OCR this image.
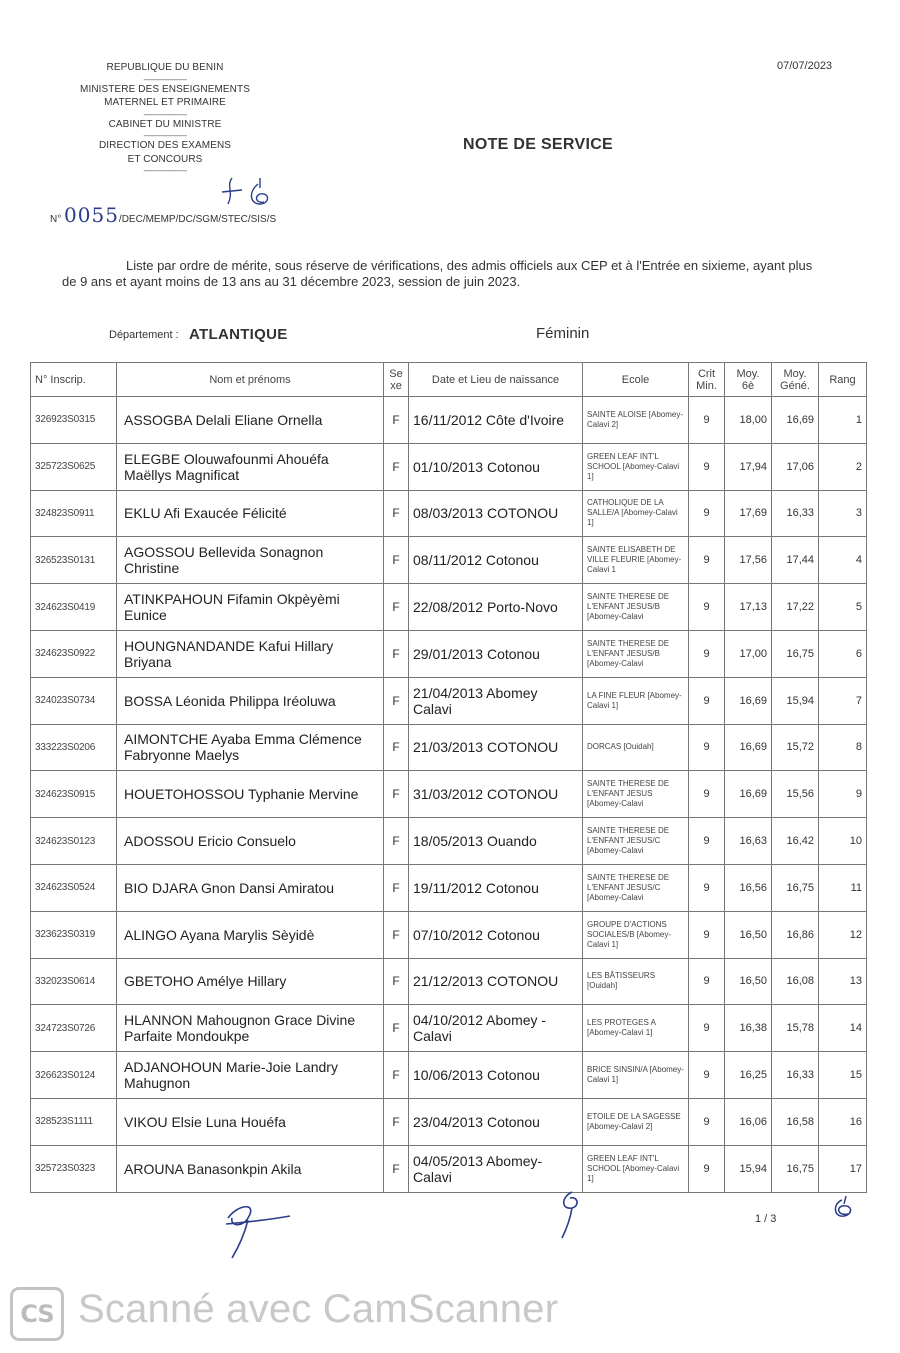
REPUBLIQUE DU BENIN
--------------------
MINISTERE DES ENSEIGNEMENTS
MATERNEL ET PRIMAIRE
--------------------
CABINET DU MINISTRE
--------------------
DIRECTION DES EXAMENS
ET CONCOURS
--------------------
07/07/2023
NOTE DE SERVICE
N° 0055/DEC/MEMP/DC/SGM/STEC/SIS/S
Liste par ordre de mérite, sous réserve de vérifications, des admis officiels aux CEP et à l'Entrée en sixieme, ayant plus de 9 ans et ayant moins de 13 ans au 31 décembre 2023, session de juin 2023.
Département : ATLANTIQUE	Féminin
N° Inscrip.	Nom et prénoms	Se xe	Date et Lieu de naissance	Ecole	Crit Min.	Moy. 6è	Moy. Géné.	Rang
326923S0315	ASSOGBA Delali Eliane Ornella	F	16/11/2012 Côte d'Ivoire	SAINTE ALOISE [Abomey-Calavi 2]	9	18,00	16,69	1
325723S0625	ELEGBE Olouwafounmi Ahouéfa Maëllys Magnificat	F	01/10/2013 Cotonou	GREEN LEAF INT'L SCHOOL [Abomey-Calavi 1]	9	17,94	17,06	2
324823S0911	EKLU Afi Exaucée Félicité	F	08/03/2013 COTONOU	CATHOLIQUE DE LA SALLE/A [Abomey-Calavi 1]	9	17,69	16,33	3
326523S0131	AGOSSOU Bellevida Sonagnon Christine	F	08/11/2012 Cotonou	SAINTE ELISABETH DE VILLE FLEURIE [Abomey-Calavi 1	9	17,56	17,44	4
324623S0419	ATINKPAHOUN Fifamin Okpèyèmi Eunice	F	22/08/2012 Porto-Novo	SAINTE THERESE DE L'ENFANT JESUS/B [Abomey-Calavi	9	17,13	17,22	5
324623S0922	HOUNGNANDANDE Kafui Hillary Briyana	F	29/01/2013 Cotonou	SAINTE THERESE DE L'ENFANT JESUS/B [Abomey-Calavi	9	17,00	16,75	6
324023S0734	BOSSA Léonida Philippa Iréoluwa	F	21/04/2013 Abomey Calavi	LA FINE FLEUR [Abomey-Calavi 1]	9	16,69	15,94	7
333223S0206	AIMONTCHE Ayaba Emma Clémence Fabryonne Maelys	F	21/03/2013 COTONOU	DORCAS [Ouidah]	9	16,69	15,72	8
324623S0915	HOUETOHOSSOU Typhanie Mervine	F	31/03/2012 COTONOU	SAINTE THERESE DE L'ENFANT JESUS [Abomey-Calavi	9	16,69	15,56	9
324623S0123	ADOSSOU Ericio Consuelo	F	18/05/2013 Ouando	SAINTE THERESE DE L'ENFANT JESUS/C [Abomey-Calavi	9	16,63	16,42	10
324623S0524	BIO DJARA Gnon Dansi Amiratou	F	19/11/2012 Cotonou	SAINTE THERESE DE L'ENFANT JESUS/C [Abomey-Calavi	9	16,56	16,75	11
323623S0319	ALINGO Ayana Marylis Sèyidè	F	07/10/2012 Cotonou	GROUPE D'ACTIONS SOCIALES/B [Abomey-Calavi 1]	9	16,50	16,86	12
332023S0614	GBETOHO Amélye Hillary	F	21/12/2013 COTONOU	LES BÂTISSEURS [Ouidah]	9	16,50	16,08	13
324723S0726	HLANNON Mahougnon Grace Divine Parfaite Mondoukpe	F	04/10/2012 Abomey - Calavi	LES PROTEGES A [Abomey-Calavi 1]	9	16,38	15,78	14
326623S0124	ADJANOHOUN Marie-Joie Landry Mahugnon	F	10/06/2013 Cotonou	BRICE SINSIN/A [Abomey-Calavi 1]	9	16,25	16,33	15
328523S1111	VIKOU Elsie Luna Houéfa	F	23/04/2013 Cotonou	ETOILE DE LA SAGESSE [Abomey-Calavi 2]	9	16,06	16,58	16
325723S0323	AROUNA Banasonkpin Akila	F	04/05/2013 Abomey-Calavi	GREEN LEAF INT'L SCHOOL [Abomey-Calavi 1]	9	15,94	16,75	17
1 / 3
CS Scanné avec CamScanner
